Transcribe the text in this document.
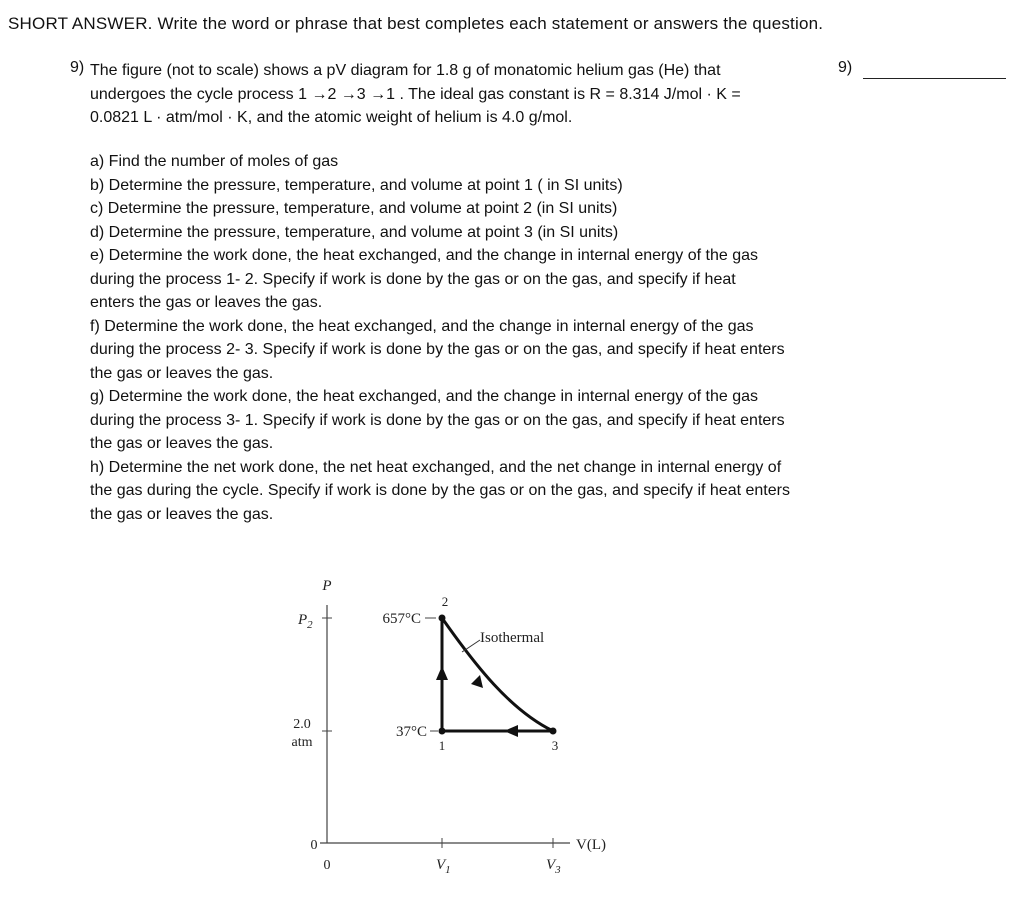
SHORT ANSWER. Write the word or phrase that best completes each statement or answers the question.
9) The figure (not to scale) shows a pV diagram for 1.8 g of monatomic helium gas (He) that
undergoes the cycle process 1 →2 →3 →1 . The ideal gas constant is R = 8.314 J/mol · K =
0.0821 L · atm/mol · K, and the atomic weight of helium is 4.0 g/mol.
9)
a) Find the number of moles of gas
b) Determine the pressure, temperature, and volume at point 1 ( in SI units)
c) Determine the pressure, temperature, and volume at point 2 (in SI units)
d) Determine the pressure, temperature, and volume at point 3 (in SI units)
e) Determine the work done, the heat exchanged, and the change in internal energy of the gas
during the process 1- 2. Specify if work is done by the gas or on the gas, and specify if heat
enters the gas or leaves the gas.
f) Determine the work done, the heat exchanged, and the change in internal energy of the gas
during the process 2- 3. Specify if work is done by the gas or on the gas, and specify if heat enters
the gas or leaves the gas.
g) Determine the work done, the heat exchanged, and the change in internal energy of the gas
during the process 3- 1. Specify if work is done by the gas or on the gas, and specify if heat enters
the gas or leaves the gas.
h) Determine the net work done, the net heat exchanged, and the net change in internal energy of
the gas during the cycle. Specify if work is done by the gas or on the gas, and specify if heat enters
the gas or leaves the gas.
P
$P_2$
2.0
atm
0
0	$V_1$	$V_3$
V(L)
657°C
37°C
2
1	3
Isothermal
